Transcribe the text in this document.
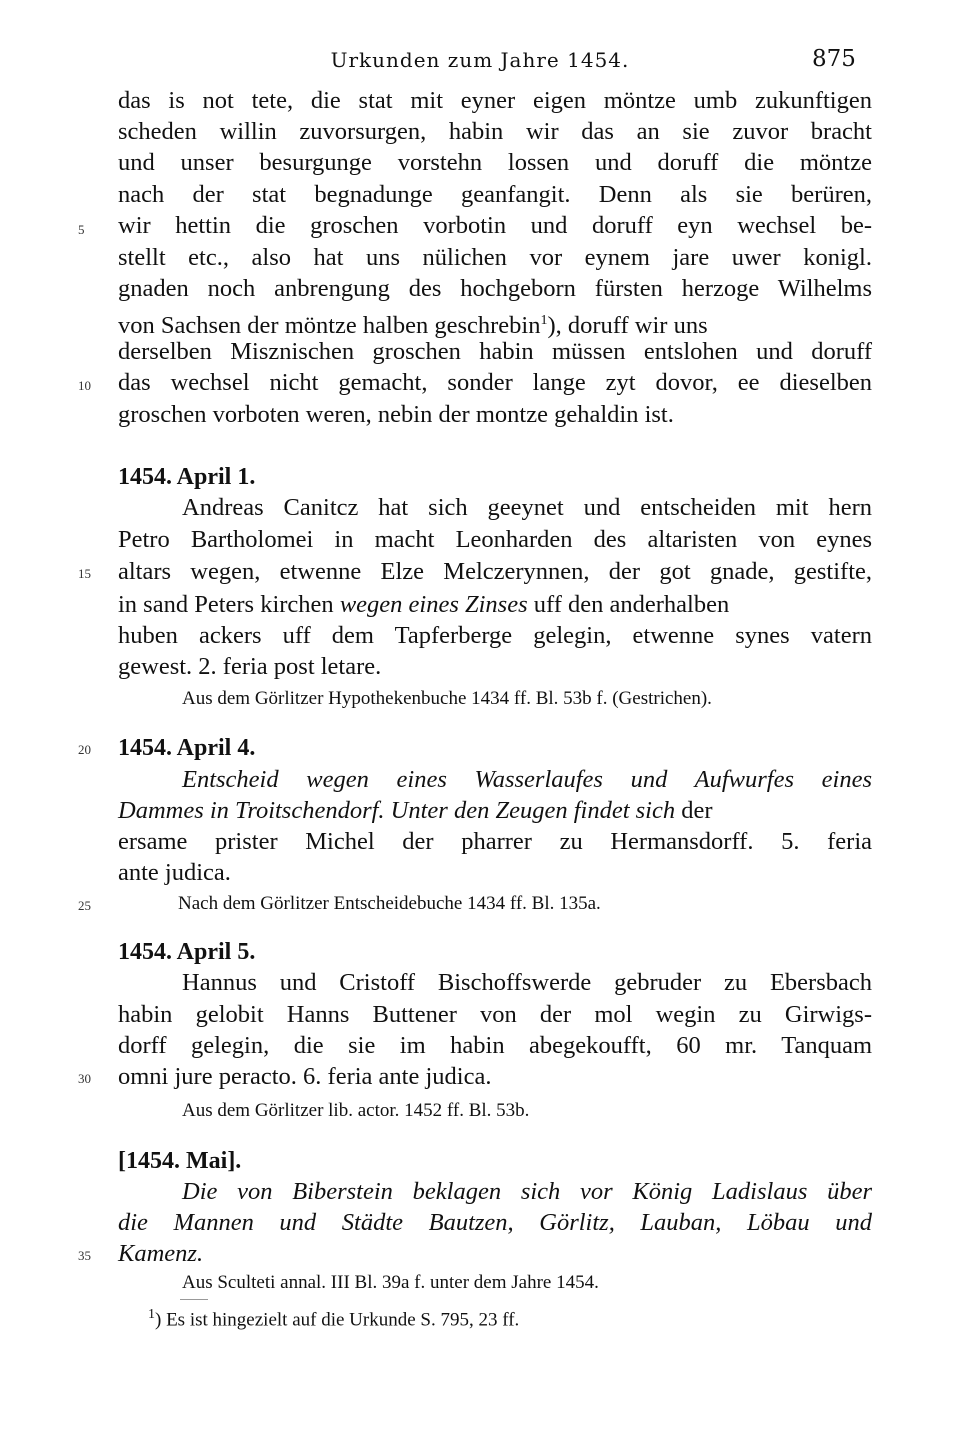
Urkunden zum Jahre 1454.	875
das is not tete, die stat mit eyner eigen möntze umb zukunftigen
scheden willin zuvorsurgen, habin wir das an sie zuvor bracht
und unser besurgunge vorstehn lossen und doruff die möntze
nach der stat begnadunge geanfangit. Denn als sie berüren,
5 wir hettin die groschen vorbotin und doruff eyn wechsel be-
stellt etc., also hat uns nülichen vor eynem jare uwer konigl.
gnaden noch anbrengung des hochgeborn fürsten herzoge Wilhelms
von Sachsen der möntze halben geschrebin$^1$), doruff wir uns
derselben Misznischen groschen habin müssen entslohen und doruff
10 das wechsel nicht gemacht, sonder lange zyt dovor, ee dieselben
groschen vorboten weren, nebin der montze gehaldin ist.
1454. April 1.
Andreas Canitcz hat sich geeynet und entscheiden mit hern
Petro Bartholomei in macht Leonharden des altaristen von eynes
15 altars wegen, etwenne Elze Melczerynnen, der got gnade, gestifte,
in sand Peters kirchen wegen eines Zinses uff den anderhalben
huben ackers uff dem Tapferberge gelegin, etwenne synes vatern
gewest. 2. feria post letare.
Aus dem Görlitzer Hypothekenbuche 1434 ff. Bl. 53b f. (Gestrichen).
20 1454. April 4.
Entscheid wegen eines Wasserlaufes und Aufwurfes eines
Dammes in Troitschendorf. Unter den Zeugen findet sich der
ersame prister Michel der pharrer zu Hermansdorff. 5. feria
ante judica.
25	Nach dem Görlitzer Entscheidebuche 1434 ff. Bl. 135a.
1454. April 5.
Hannus und Cristoff Bischoffswerde gebruder zu Ebersbach
habin gelobit Hanns Buttener von der mol wegin zu Girwigs-
dorff gelegin, die sie im habin abegekoufft, 60 mr. Tanquam
30 omni jure peracto. 6. feria ante judica.
Aus dem Görlitzer lib. actor. 1452 ff. Bl. 53b.
[1454. Mai].
Die von Biberstein beklagen sich vor König Ladislaus über
die Mannen und Städte Bautzen, Görlitz, Lauban, Löbau und
35 Kamenz.
Aus Sculteti annal. III Bl. 39a f. unter dem Jahre 1454.
$^1$) Es ist hingezielt auf die Urkunde S. 795, 23 ff.
